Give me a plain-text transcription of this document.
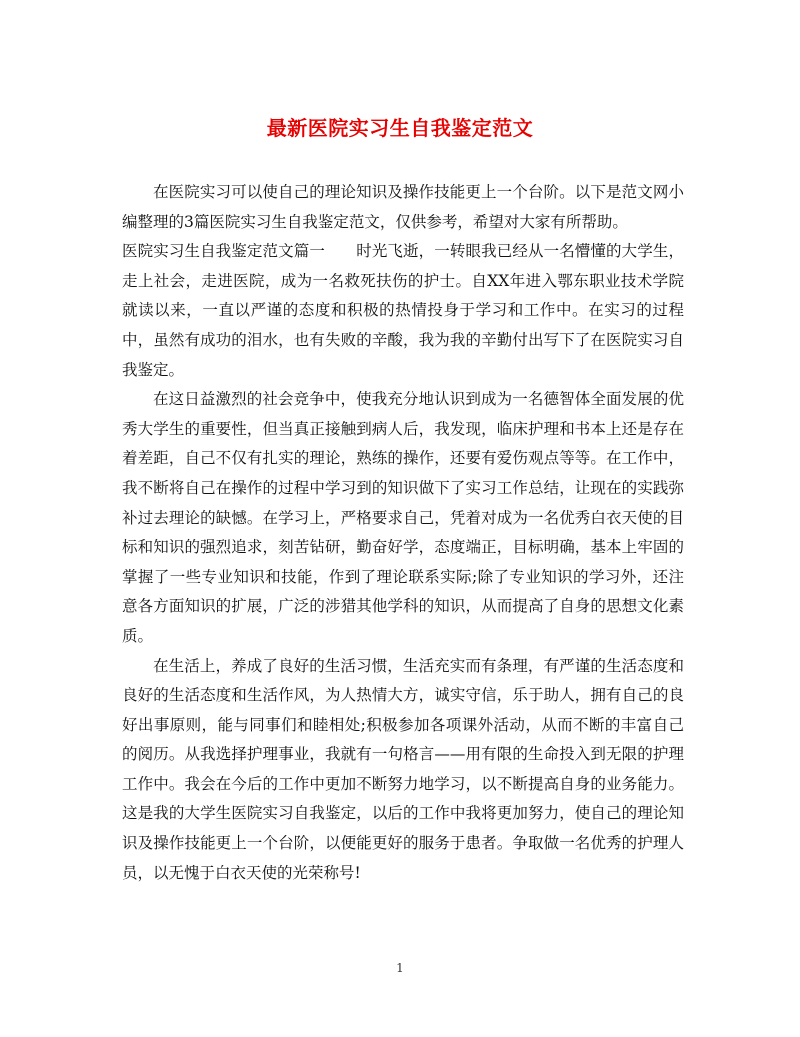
最新医院实习生自我鉴定范文

在医院实习可以使自己的理论知识及操作技能更上一个台阶。以下是范文网小编整理的3篇医院实习生自我鉴定范文，仅供参考，希望对大家有所帮助。

医院实习生自我鉴定范文篇一　　时光飞逝，一转眼我已经从一名懵懂的大学生，走上社会，走进医院，成为一名救死扶伤的护士。自XX年进入鄂东职业技术学院就读以来，一直以严谨的态度和积极的热情投身于学习和工作中。在实习的过程中，虽然有成功的泪水，也有失败的辛酸，我为我的辛勤付出写下了在医院实习自我鉴定。

在这日益激烈的社会竞争中，使我充分地认识到成为一名德智体全面发展的优秀大学生的重要性，但当真正接触到病人后，我发现，临床护理和书本上还是存在着差距，自己不仅有扎实的理论，熟练的操作，还要有爱伤观点等等。在工作中，我不断将自己在操作的过程中学习到的知识做下了实习工作总结，让现在的实践弥补过去理论的缺憾。在学习上，严格要求自己，凭着对成为一名优秀白衣天使的目标和知识的强烈追求，刻苦钻研，勤奋好学，态度端正，目标明确，基本上牢固的掌握了一些专业知识和技能，作到了理论联系实际;除了专业知识的学习外，还注意各方面知识的扩展，广泛的涉猎其他学科的知识，从而提高了自身的思想文化素质。

在生活上，养成了良好的生活习惯，生活充实而有条理，有严谨的生活态度和良好的生活态度和生活作风，为人热情大方，诚实守信，乐于助人，拥有自己的良好出事原则，能与同事们和睦相处;积极参加各项课外活动，从而不断的丰富自己的阅历。从我选择护理事业，我就有一句格言——用有限的生命投入到无限的护理工作中。我会在今后的工作中更加不断努力地学习，以不断提高自身的业务能力。这是我的大学生医院实习自我鉴定，以后的工作中我将更加努力，使自己的理论知识及操作技能更上一个台阶，以便能更好的服务于患者。争取做一名优秀的护理人员，以无愧于白衣天使的光荣称号!

1
